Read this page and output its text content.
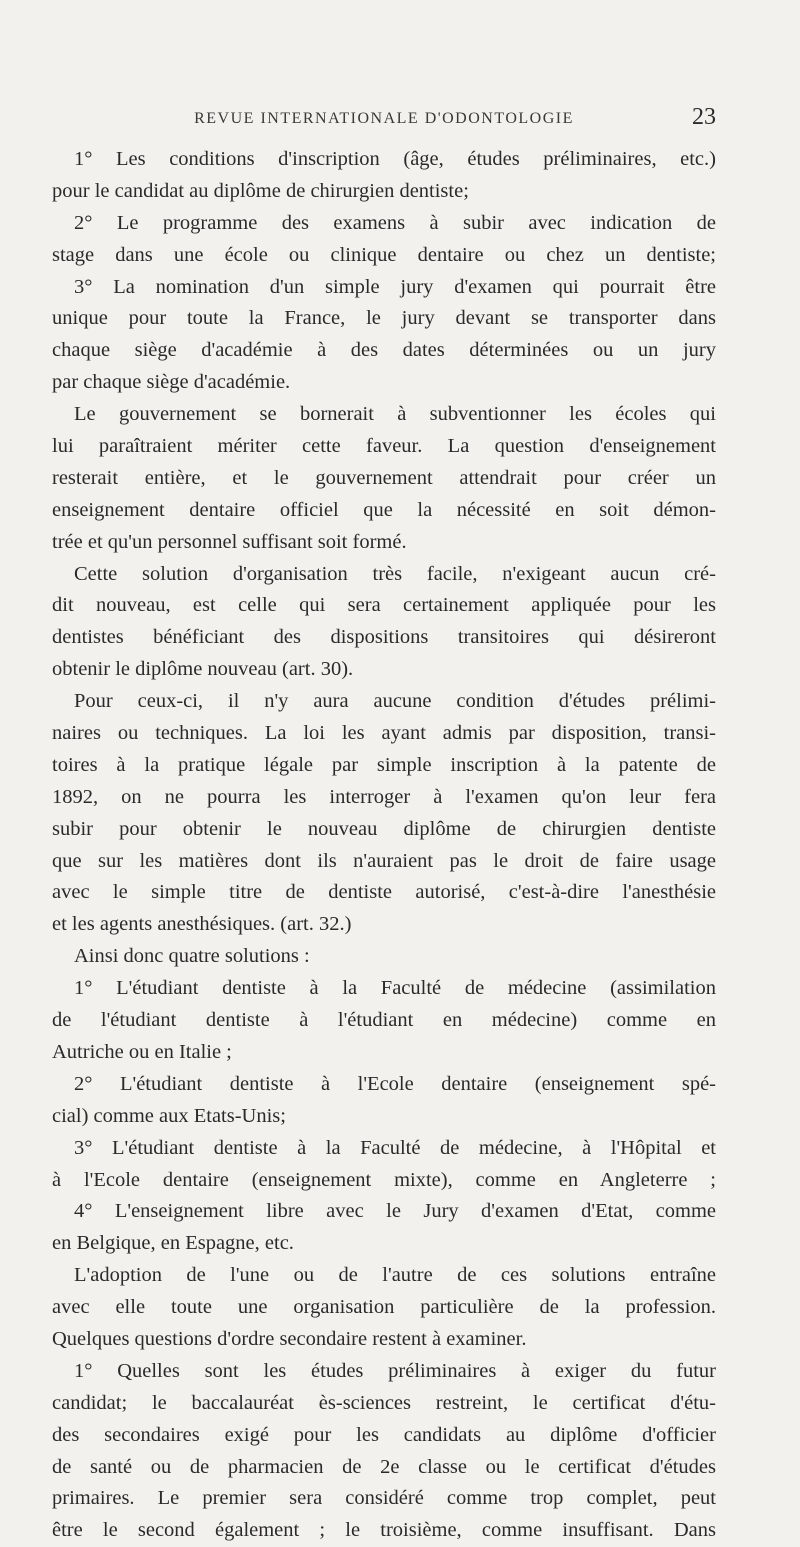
REVUE INTERNATIONALE D'ODONTOLOGIE	23
1° Les conditions d'inscription (âge, études préliminaires, etc.)
pour le candidat au diplôme de chirurgien dentiste;
2° Le programme des examens à subir avec indication de
stage dans une école ou clinique dentaire ou chez un dentiste;
3° La nomination d'un simple jury d'examen qui pourrait être
unique pour toute la France, le jury devant se transporter dans
chaque siège d'académie à des dates déterminées ou un jury
par chaque siège d'académie.
Le gouvernement se bornerait à subventionner les écoles qui
lui paraîtraient mériter cette faveur. La question d'enseignement
resterait entière, et le gouvernement attendrait pour créer un
enseignement dentaire officiel que la nécessité en soit démon-
trée et qu'un personnel suffisant soit formé.
Cette solution d'organisation très facile, n'exigeant aucun cré-
dit nouveau, est celle qui sera certainement appliquée pour les
dentistes bénéficiant des dispositions transitoires qui désireront
obtenir le diplôme nouveau (art. 30).
Pour ceux-ci, il n'y aura aucune condition d'études prélimi-
naires ou techniques. La loi les ayant admis par disposition, transi-
toires à la pratique légale par simple inscription à la patente de
1892, on ne pourra les interroger à l'examen qu'on leur fera
subir pour obtenir le nouveau diplôme de chirurgien dentiste
que sur les matières dont ils n'auraient pas le droit de faire usage
avec le simple titre de dentiste autorisé, c'est-à-dire l'anesthésie
et les agents anesthésiques. (art. 32.)
Ainsi donc quatre solutions :
1° L'étudiant dentiste à la Faculté de médecine (assimilation
de l'étudiant dentiste à l'étudiant en médecine) comme en
Autriche ou en Italie ;
2° L'étudiant dentiste à l'Ecole dentaire (enseignement spé-
cial) comme aux Etats-Unis;
3° L'étudiant dentiste à la Faculté de médecine, à l'Hôpital et
à l'Ecole dentaire (enseignement mixte), comme en Angleterre ;
4° L'enseignement libre avec le Jury d'examen d'Etat, comme
en Belgique, en Espagne, etc.
L'adoption de l'une ou de l'autre de ces solutions entraîne
avec elle toute une organisation particulière de la profession.
Quelques questions d'ordre secondaire restent à examiner.
1° Quelles sont les études préliminaires à exiger du futur
candidat; le baccalauréat ès-sciences restreint, le certificat d'étu-
des secondaires exigé pour les candidats au diplôme d'officier
de santé ou de pharmacien de 2e classe ou le certificat d'études
primaires. Le premier sera considéré comme trop complet, peut
être le second également ; le troisième, comme insuffisant. Dans
